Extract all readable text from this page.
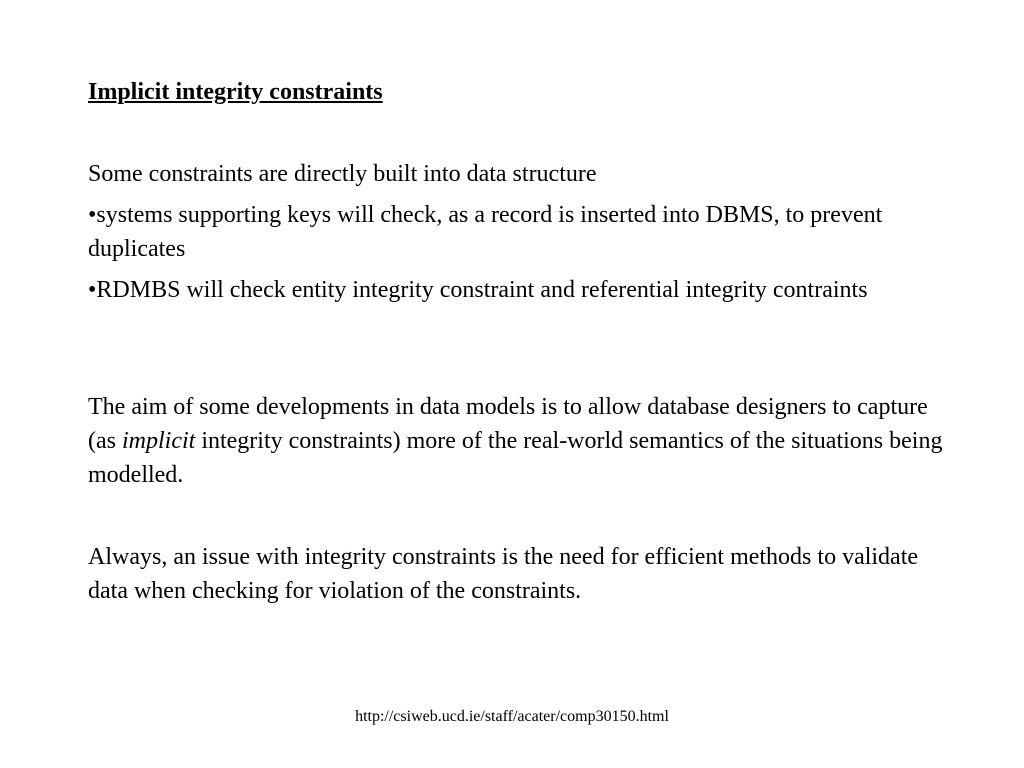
Implicit integrity constraints
Some constraints are directly built into data structure
•systems supporting keys will check, as a record is inserted into DBMS, to prevent duplicates
•RDMBS will check entity integrity constraint and referential integrity contraints
The aim of some developments in data models is to allow database designers to capture (as implicit integrity constraints) more of the real-world semantics of the situations being modelled.
Always, an issue with integrity constraints is the need for efficient methods to validate data when checking for violation of the constraints.
http://csiweb.ucd.ie/staff/acater/comp30150.html
